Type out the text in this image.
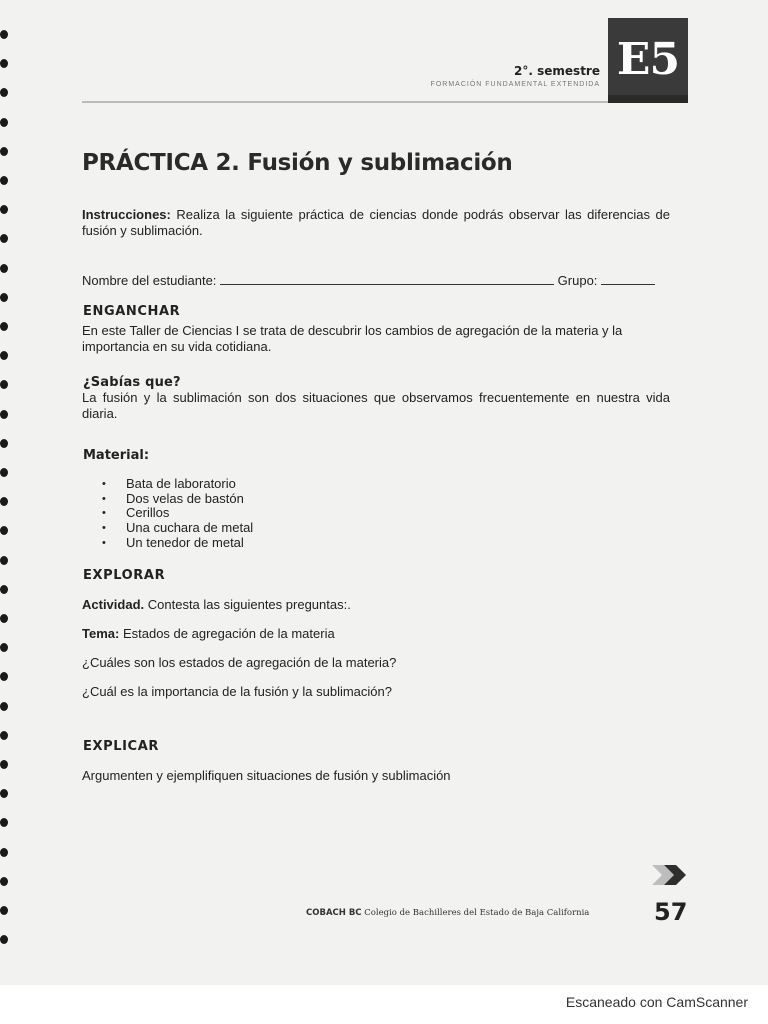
2°. semestre
FORMACIÓN FUNDAMENTAL EXTENDIDA E5
PRÁCTICA 2. Fusión y sublimación
Instrucciones: Realiza la siguiente práctica de ciencias donde podrás observar las diferencias de fusión y sublimación.
Nombre del estudiante:	Grupo:
ENGANCHAR
En este Taller de Ciencias I se trata de descubrir los cambios de agregación de la materia y la importancia en su vida cotidiana.
¿Sabías que?
La fusión y la sublimación son dos situaciones que observamos frecuentemente en nuestra vida diaria.
Material:
• Bata de laboratorio
• Dos velas de bastón
• Cerillos
• Una cuchara de metal
• Un tenedor de metal
EXPLORAR
Actividad. Contesta las siguientes preguntas:.
Tema: Estados de agregación de la materia
¿Cuáles son los estados de agregación de la materia?
¿Cuál es la importancia de la fusión y la sublimación?
EXPLICAR
Argumenten y ejemplifiquen situaciones de fusión y sublimación
COBACH BC Colegio de Bachilleres del Estado de Baja California	57
Escaneado con CamScanner
